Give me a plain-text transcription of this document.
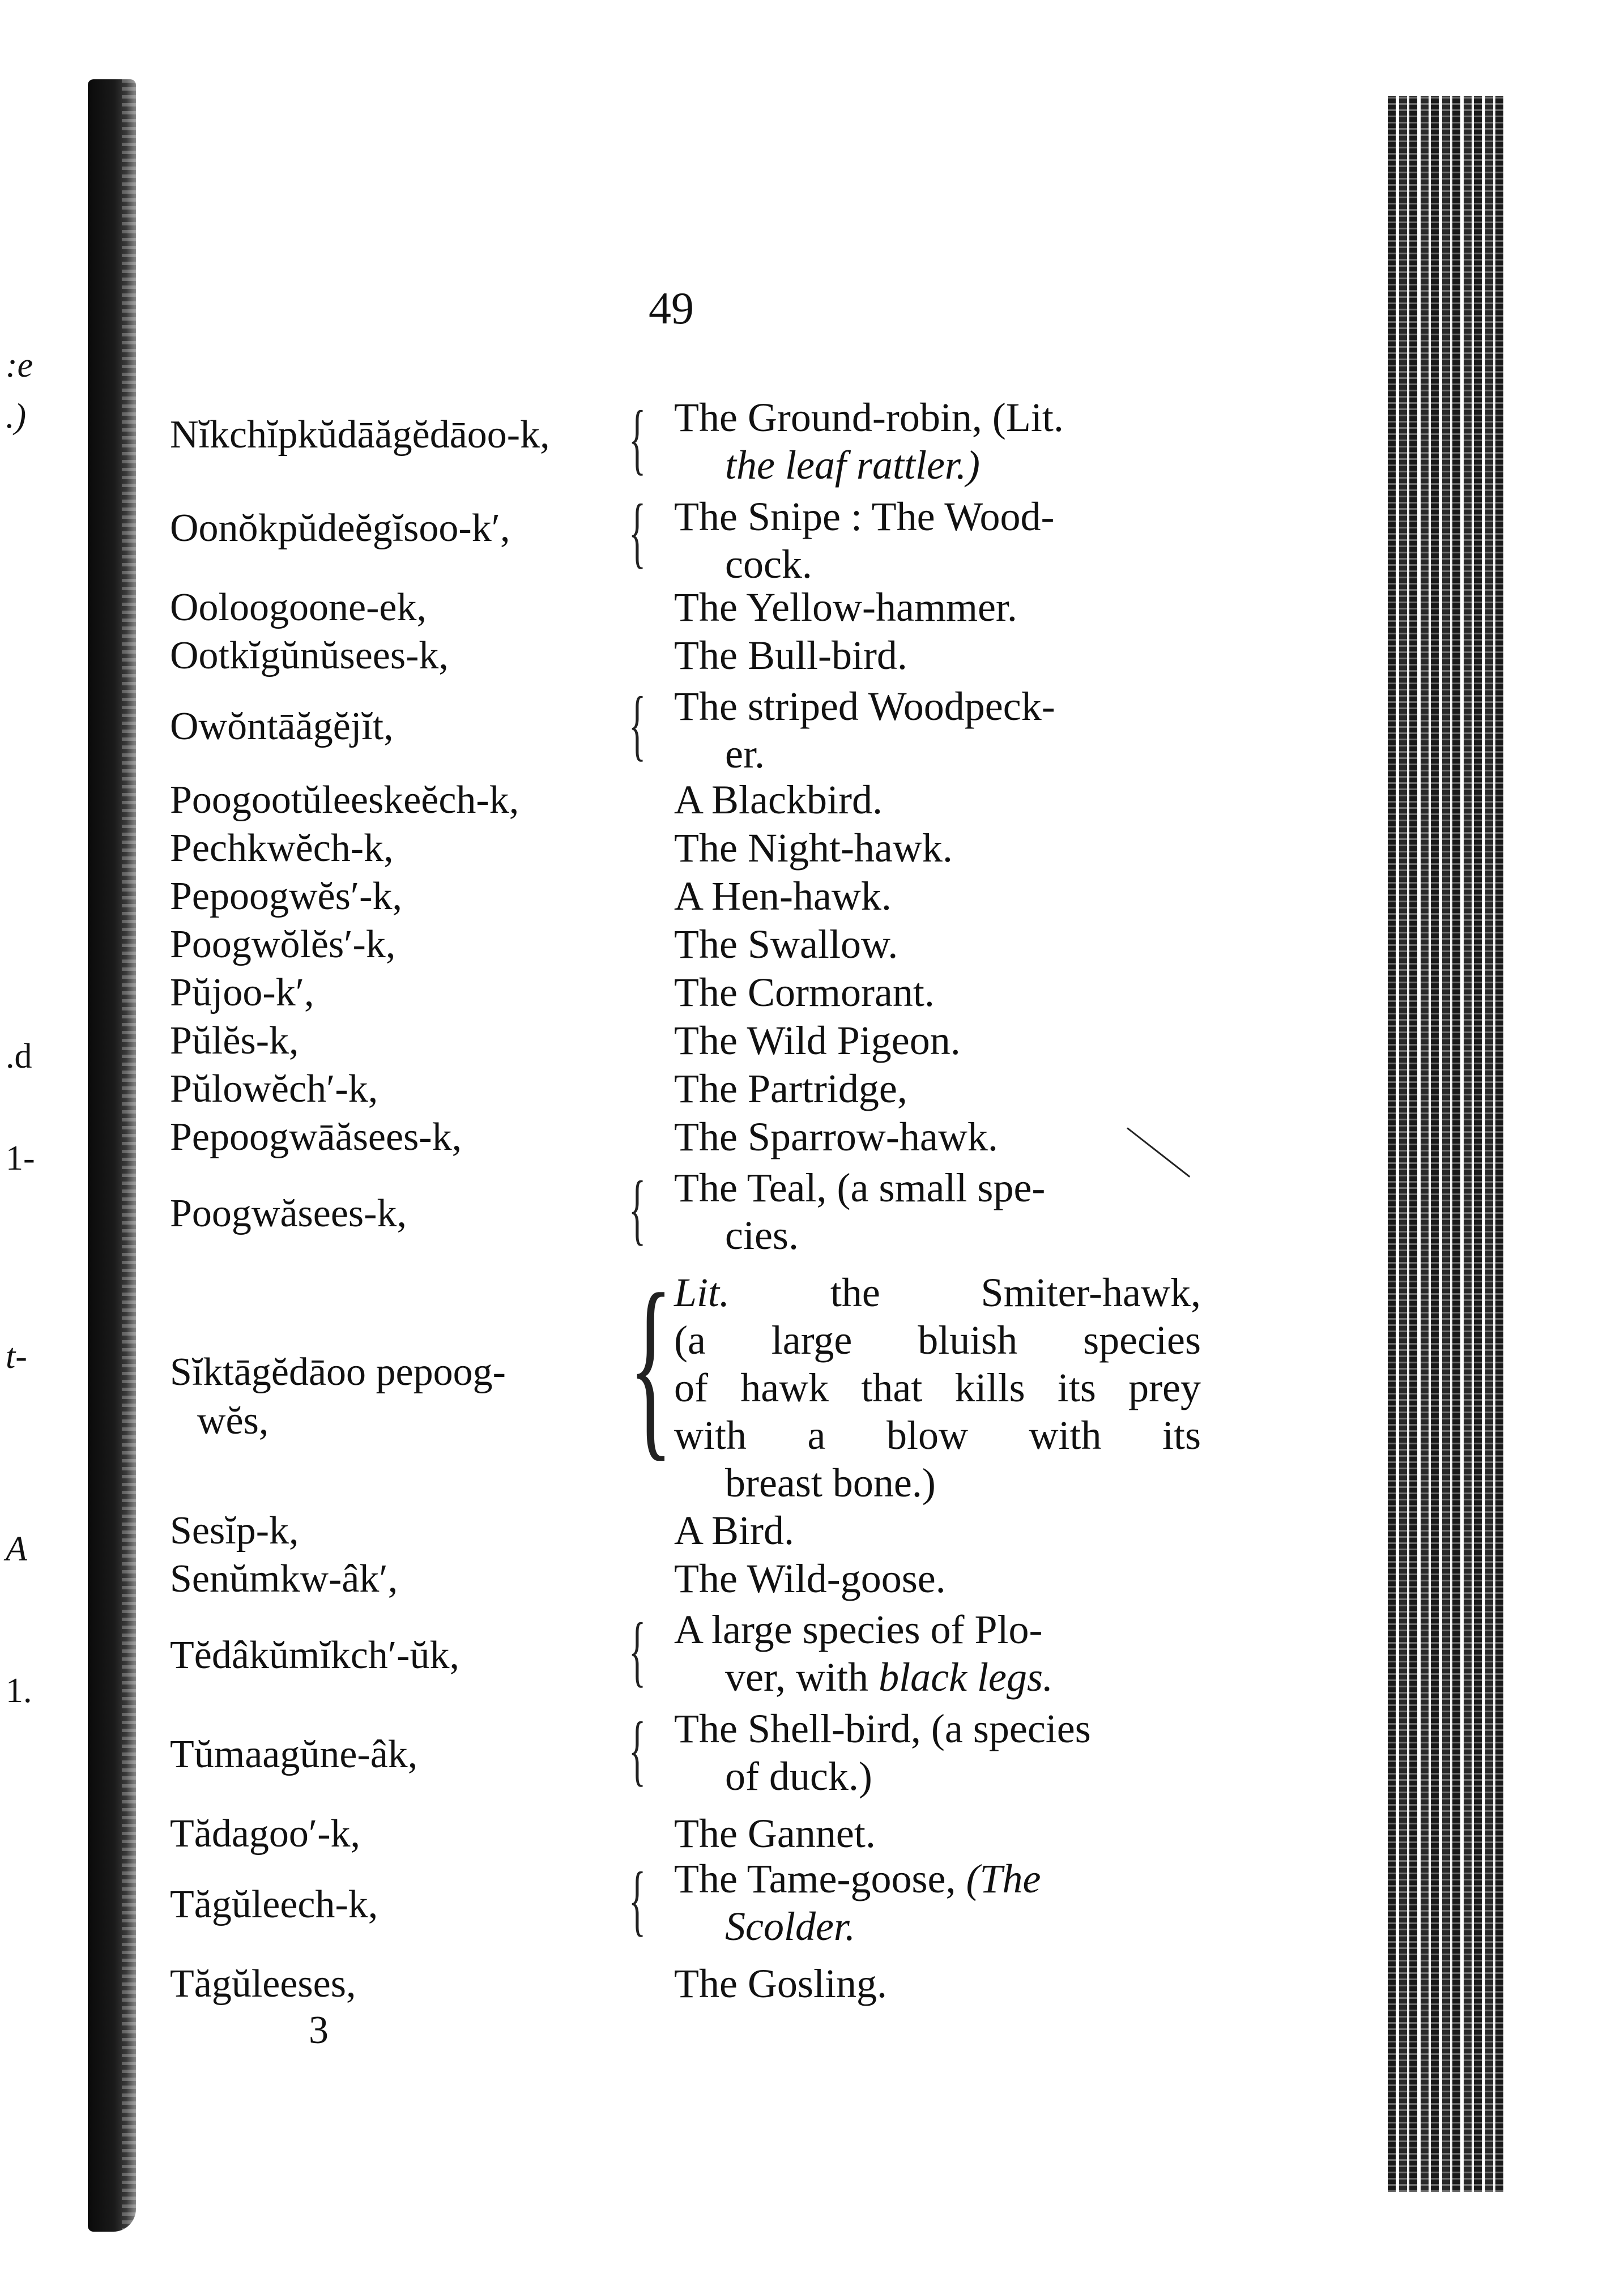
:e
.)
.d
1-
t-
A
1.
49
Nĭkchĭpkŭdāăgĕdāoo-k, { The Ground-robin, (Lit.
the leaf rattler.)
Oonŏkpŭdeĕgĭsoo-k′, { The Snipe : The Wood-
cock.
Ooloogoone-ek,	The Yellow-hammer.
Ootkĭgŭnŭsees-k,	The Bull-bird.
Owŏntāăgĕjĭt,	{ The striped Woodpeck-
er.
Poogootŭleeskeĕch-k,	A Blackbird.
Pechkwĕch-k,	The Night-hawk.
Pepoogwĕs′-k,	A Hen-hawk.
Poogwŏlĕs′-k,	The Swallow.
Pŭjoo-k′,	The Cormorant.
Pŭlĕs-k,	The Wild Pigeon.
Pŭlowĕch′-k,	The Partridge,
Pepoogwāăsees-k,	The Sparrow-hawk.
Poogwăsees-k,	{ The Teal, (a small spe-
cies.
Sĭktāgĕdāoo pepoog-
wĕs,	{ Lit. the Smiter-hawk,
(a large bluish species
of hawk that kills its prey
with a blow with its
breast bone.)
Sesĭp-k,	A Bird.
Senŭmkw-âk′,	The Wild-goose.
Tĕdâkŭmĭkch′-ŭk, { A large species of Plo-
ver, with black legs.
Tŭmaagŭne-âk,	{ The Shell-bird, (a species
of duck.)
Tădagoo′-k,	The Gannet.
Tăgŭleech-k,	{ The Tame-goose, (The
Scolder.
Tăgŭleeses,	The Gosling.
3
